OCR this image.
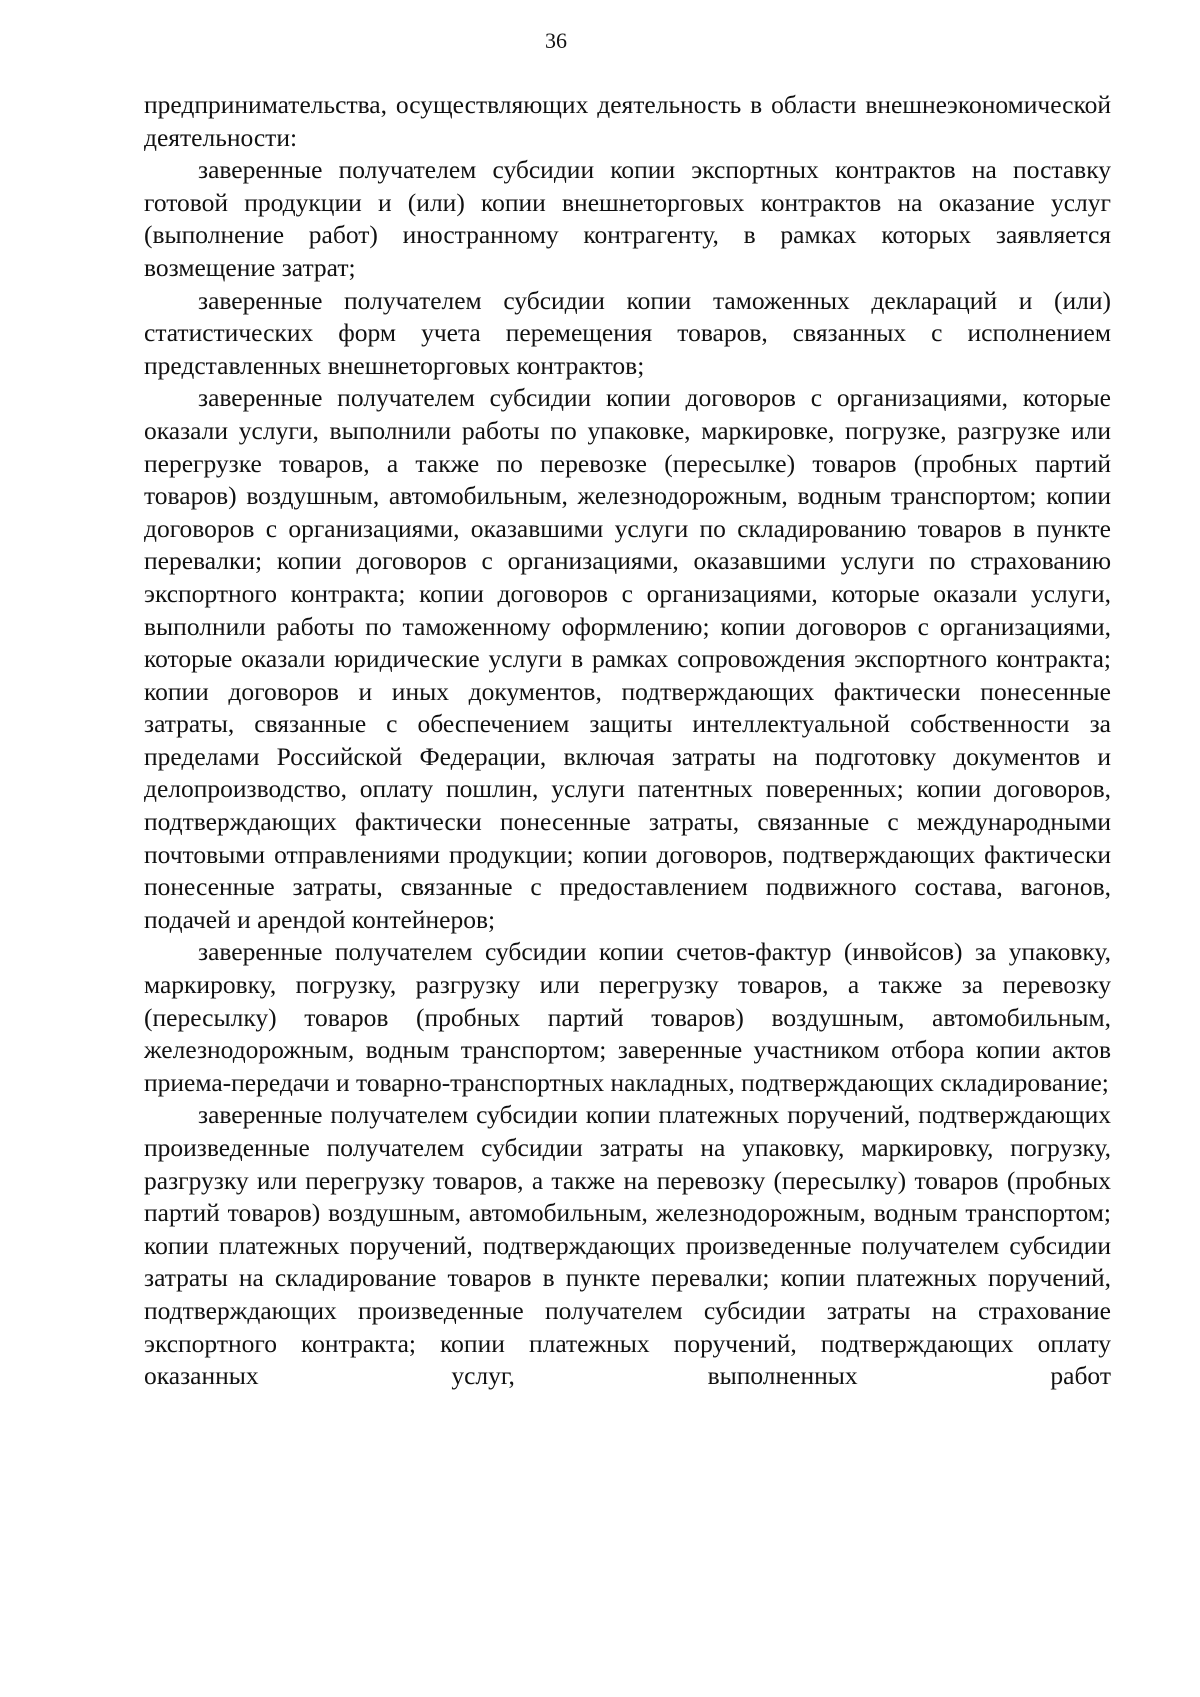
36

предпринимательства, осуществляющих деятельность в области внешнеэкономической деятельности:

заверенные получателем субсидии копии экспортных контрактов на поставку готовой продукции и (или) копии внешнеторговых контрактов на оказание услуг (выполнение работ) иностранному контрагенту, в рамках которых заявляется возмещение затрат;

заверенные получателем субсидии копии таможенных деклараций и (или) статистических форм учета перемещения товаров, связанных с исполнением представленных внешнеторговых контрактов;

заверенные получателем субсидии копии договоров с организациями, которые оказали услуги, выполнили работы по упаковке, маркировке, погрузке, разгрузке или перегрузке товаров, а также по перевозке (пересылке) товаров (пробных партий товаров) воздушным, автомобильным, железнодорожным, водным транспортом; копии договоров с организациями, оказавшими услуги по складированию товаров в пункте перевалки; копии договоров с организациями, оказавшими услуги по страхованию экспортного контракта; копии договоров с организациями, которые оказали услуги, выполнили работы по таможенному оформлению; копии договоров с организациями, которые оказали юридические услуги в рамках сопровождения экспортного контракта; копии договоров и иных документов, подтверждающих фактически понесенные затраты, связанные с обеспечением защиты интеллектуальной собственности за пределами Российской Федерации, включая затраты на подготовку документов и делопроизводство, оплату пошлин, услуги патентных поверенных; копии договоров, подтверждающих фактически понесенные затраты, связанные с международными почтовыми отправлениями продукции; копии договоров, подтверждающих фактически понесенные затраты, связанные с предоставлением подвижного состава, вагонов, подачей и арендой контейнеров;

заверенные получателем субсидии копии счетов-фактур (инвойсов) за упаковку, маркировку, погрузку, разгрузку или перегрузку товаров, а также за перевозку (пересылку) товаров (пробных партий товаров) воздушным, автомобильным, железнодорожным, водным транспортом; заверенные участником отбора копии актов приема-передачи и товарно-транспортных накладных, подтверждающих складирование;

заверенные получателем субсидии копии платежных поручений, подтверждающих произведенные получателем субсидии затраты на упаковку, маркировку, погрузку, разгрузку или перегрузку товаров, а также на перевозку (пересылку) товаров (пробных партий товаров) воздушным, автомобильным, железнодорожным, водным транспортом; копии платежных поручений, подтверждающих произведенные получателем субсидии затраты на складирование товаров в пункте перевалки; копии платежных поручений, подтверждающих произведенные получателем субсидии затраты на страхование экспортного контракта; копии платежных поручений, подтверждающих оплату оказанных услуг, выполненных работ
